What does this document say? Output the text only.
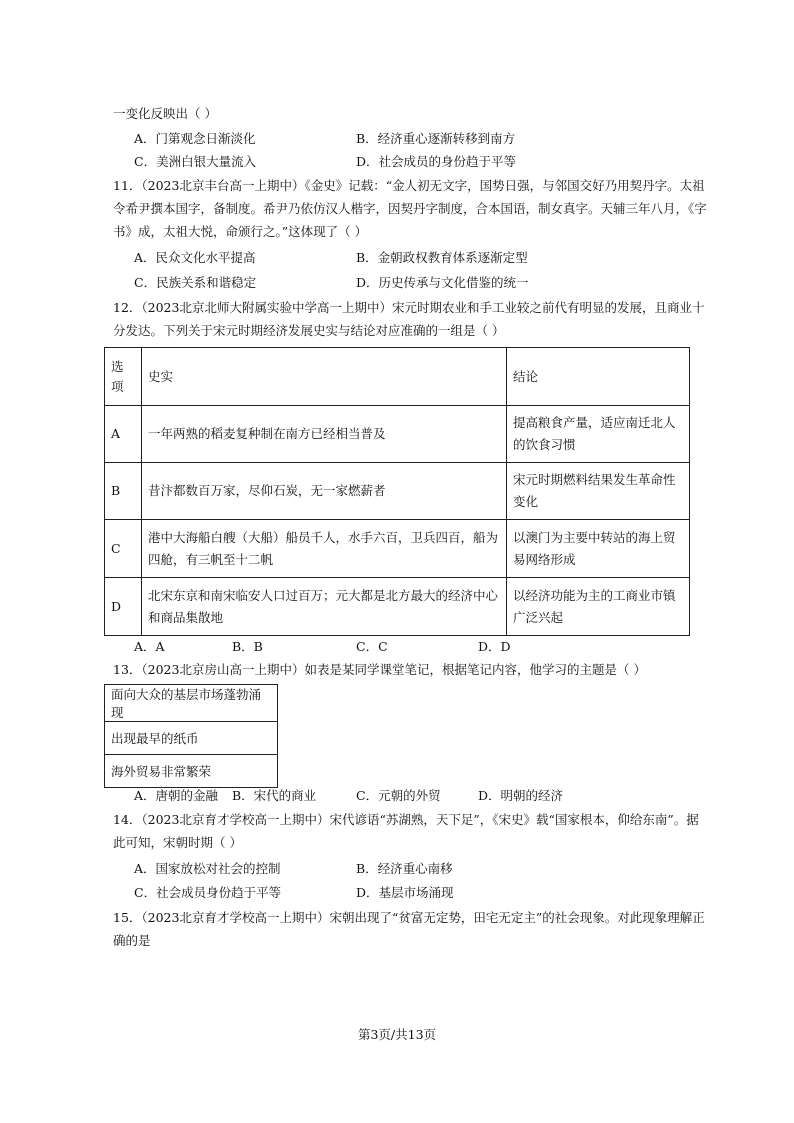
一变化反映出（ ）
A．门第观念日渐淡化	B．经济重心逐渐转移到南方
C．美洲白银大量流入	D．社会成员的身份趋于平等
11．（2023北京丰台高一上期中）《金史》记载：“金人初无文字，国势日强，与邻国交好乃用契丹字。太祖
令希尹撰本国字，备制度。希尹乃依仿汉人楷字，因契丹字制度，合本国语，制女真字。天辅三年八月，《字
书》成，太祖大悦，命颁行之。”这体现了（ ）
A．民众文化水平提高	B．金朝政权教育体系逐渐定型
C．民族关系和谐稳定	D．历史传承与文化借鉴的统一
12．（2023北京北师大附属实验中学高一上期中）宋元时期农业和手工业较之前代有明显的发展，且商业十
分发达。下列关于宋元时期经济发展史实与结论对应准确的一组是（ ）
选
项	史实	结论
A	一年两熟的稻麦复种制在南方已经相当普及	提高粮食产量，适应南迁北人的饮食习惯
B	昔汴都数百万家，尽仰石炭，无一家燃薪者	宋元时期燃料结果发生革命性变化
C	港中大海船白艘（大船）船员千人，水手六百，卫兵四百，船为四舱，有三帆至十二帆	以澳门为主要中转站的海上贸易网络形成
D	北宋东京和南宋临安人口过百万；元大都是北方最大的经济中心和商品集散地	以经济功能为主的工商业市镇广泛兴起
A．A	B．B	C．C	D．D
13．（2023北京房山高一上期中）如表是某同学课堂笔记，根据笔记内容，他学习的主题是（ ）
面向大众的基层市场蓬勃涌现
出现最早的纸币
海外贸易非常繁荣
A．唐朝的金融 B．宋代的商业	C．元朝的外贸	D．明朝的经济
14．（2023北京育才学校高一上期中）宋代谚语“苏湖熟，天下足”，《宋史》载“国家根本，仰给东南”。据
此可知，宋朝时期（ ）
A．国家放松对社会的控制	B．经济重心南移
C．社会成员身份趋于平等	D．基层市场涌现
15．（2023北京育才学校高一上期中）宋朝出现了“贫富无定势，田宅无定主”的社会现象。对此现象理解正
确的是
第3页/共13页
